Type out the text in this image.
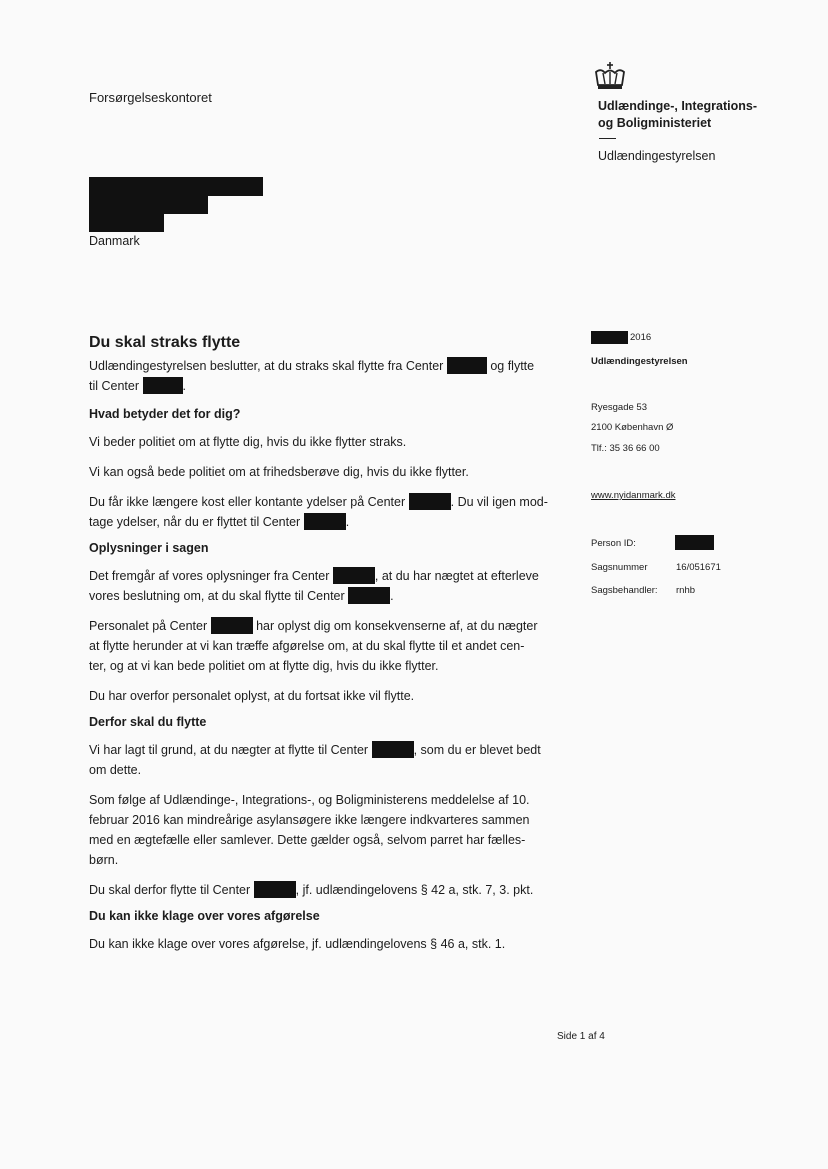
Forsørgelseskontoret
Udlændinge-, Integrations-
og Boligministeriet
Udlændingestyrelsen
Danmark
Du skal straks flytte

Udlændingestyrelsen beslutter, at du straks skal flytte fra Center	og flytte
til Center	.

Hvad betyder det for dig?

Vi beder politiet om at flytte dig, hvis du ikke flytter straks.

Vi kan også bede politiet om at frihedsberøve dig, hvis du ikke flytter.

Du får ikke længere kost eller kontante ydelser på Center	. Du vil igen mod-
tage ydelser, når du er flyttet til Center	.

Oplysninger i sagen

Det fremgår af vores oplysninger fra Center	, at du har nægtet at efterleve
vores beslutning om, at du skal flytte til Center	.

Personalet på Center	har oplyst dig om konsekvenserne af, at du nægter
at flytte herunder at vi kan træffe afgørelse om, at du skal flytte til et andet cen-
ter, og at vi kan bede politiet om at flytte dig, hvis du ikke flytter.

Du har overfor personalet oplyst, at du fortsat ikke vil flytte.

Derfor skal du flytte

Vi har lagt til grund, at du nægter at flytte til Center	, som du er blevet bedt
om dette.

Som følge af Udlændinge-, Integrations-, og Boligministerens meddelelse af 10.
februar 2016 kan mindreårige asylansøgere ikke længere indkvarteres sammen
med en ægtefælle eller samlever. Dette gælder også, selvom parret har fælles-
børn.

Du skal derfor flytte til Center	, jf. udlændingelovens § 42 a, stk. 7, 3. pkt.

Du kan ikke klage over vores afgørelse

Du kan ikke klage over vores afgørelse, jf. udlændingelovens § 46 a, stk. 1.

2016
Udlændingestyrelsen
Ryesgade 53
2100 København Ø
Tlf.: 35 36 66 00
www.nyidanmark.dk
Person ID:
Sagsnummer	16/051671
Sagsbehandler: rnhb
Side 1 af 4
